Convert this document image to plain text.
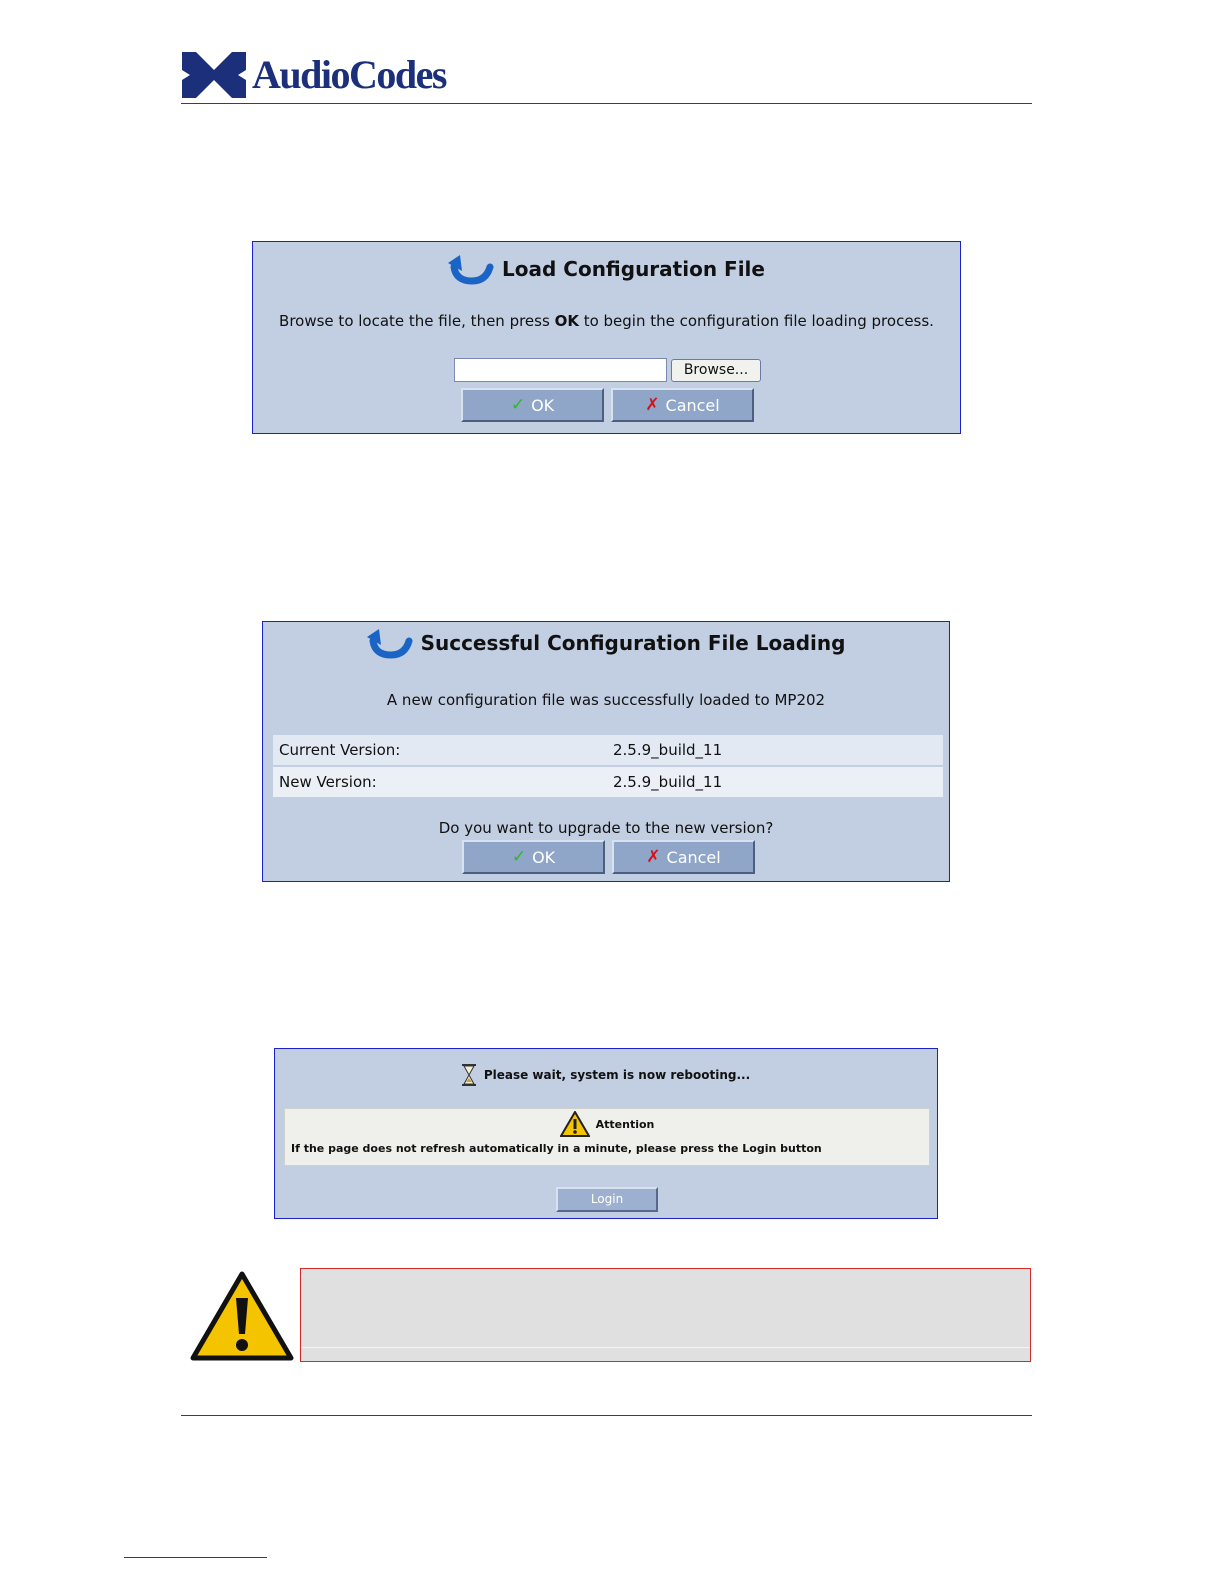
AudioCodes
Load Configuration File
Browse to locate the file, then press OK to begin the configuration file loading process.
Browse...
✓ OK	✗ Cancel
Successful Configuration File Loading
A new configuration file was successfully loaded to MP202
Current Version:	2.5.9_build_11
New Version:	2.5.9_build_11
Do you want to upgrade to the new version?
✓ OK	✗ Cancel
Please wait, system is now rebooting...
Attention
If the page does not refresh automatically in a minute, please press the Login button
Login
